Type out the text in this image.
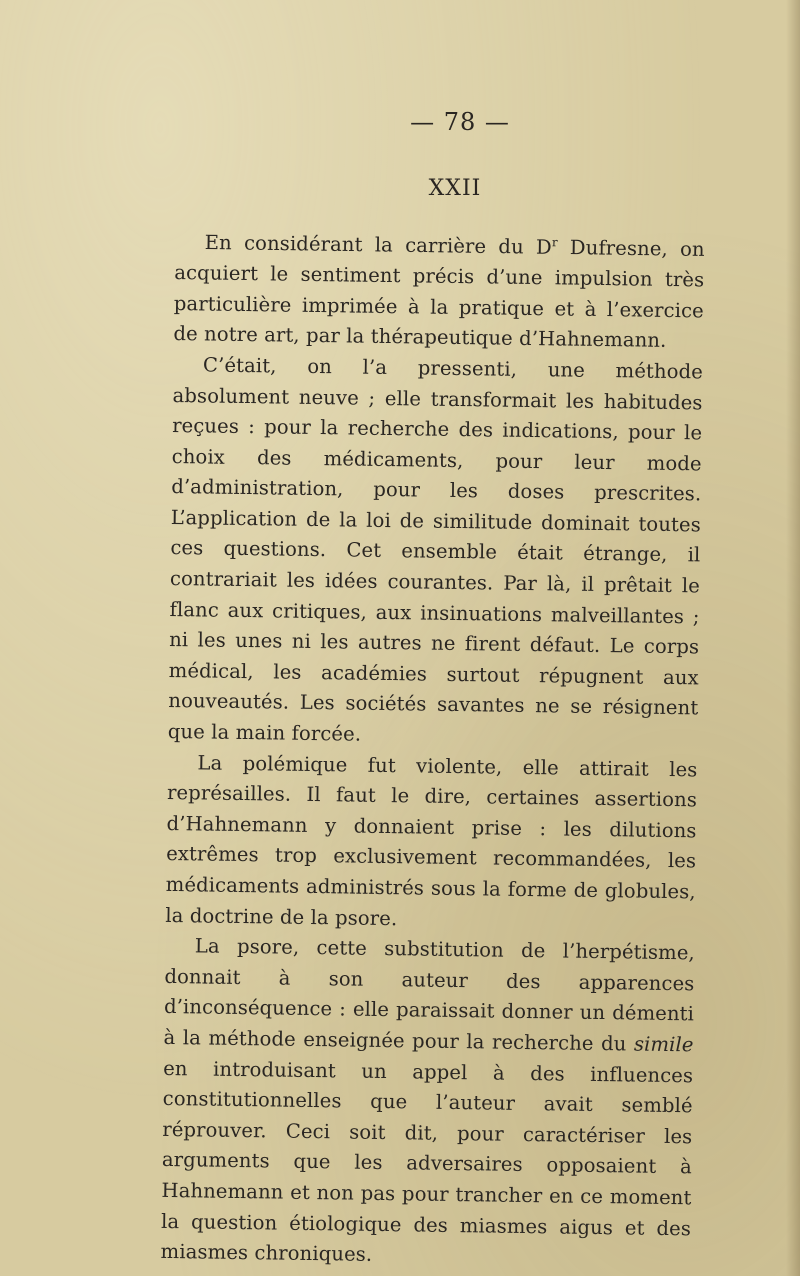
— 78 —
XXII

En considérant la carrière du $D^r$ Dufresne, on acquiert le sentiment précis d’une impulsion très particulière imprimée à la pratique et à l’exercice de notre art, par la thérapeutique d’Hahnemann.

C’était, on l’a pressenti, une méthode absolument neuve ; elle transformait les habitudes reçues : pour la recherche des indications, pour le choix des médicaments, pour leur mode d’administration, pour les doses prescrites. L’application de la loi de similitude dominait toutes ces questions. Cet ensemble était étrange, il contrariait les idées courantes. Par là, il prêtait le flanc aux critiques, aux insinuations malveillantes ; ni les unes ni les autres ne firent défaut. Le corps médical, les académies surtout répugnent aux nouveautés. Les sociétés savantes ne se résignent que la main forcée.

La polémique fut violente, elle attirait les représailles. Il faut le dire, certaines assertions d’Hahnemann y donnaient prise : les dilutions extrêmes trop exclusivement recommandées, les médicaments administrés sous la forme de globules, la doctrine de la psore.

La psore, cette substitution de l’herpétisme, donnait à son auteur des apparences d’inconséquence : elle paraissait donner un démenti à la méthode enseignée pour la recherche du simile en introduisant un appel à des influences constitutionnelles que l’auteur avait semblé réprouver. Ceci soit dit, pour caractériser les arguments que les adversaires opposaient à Hahnemann et non pas pour trancher en ce moment la question étiologique des miasmes aigus et des miasmes chroniques.
